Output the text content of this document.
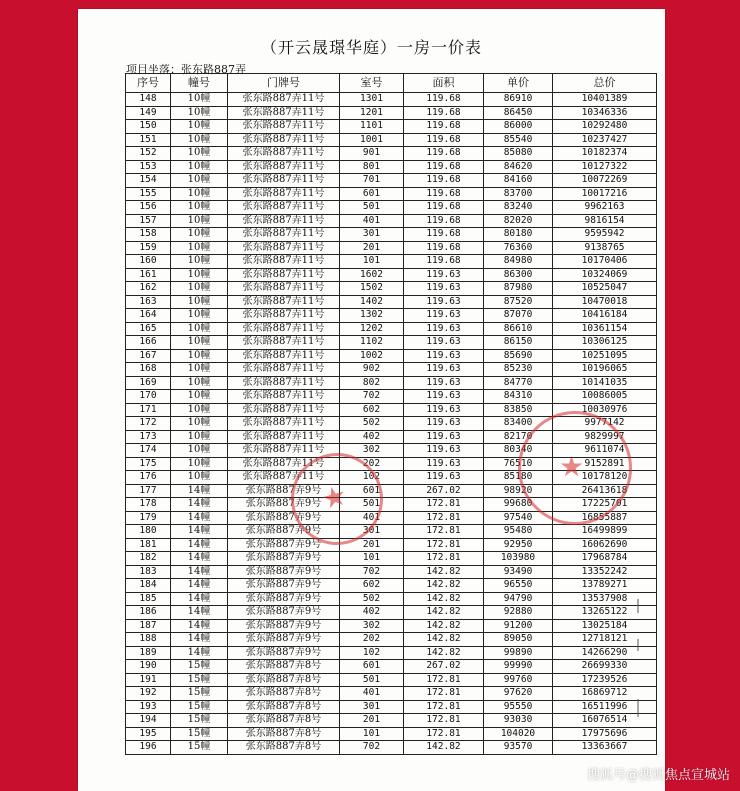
（开云晟璟华庭）一房一价表
项目坐落：张东路887弄
序号	幢号	门牌号	室号	面积	单价	总价
148	10幢	张东路887弄11号	1301	119.68	86910	10401389
149	10幢	张东路887弄11号	1201	119.68	86450	10346336
150	10幢	张东路887弄11号	1101	119.68	86000	10292480
151	10幢	张东路887弄11号	1001	119.68	85540	10237427
152	10幢	张东路887弄11号	901	119.68	85080	10182374
153	10幢	张东路887弄11号	801	119.68	84620	10127322
154	10幢	张东路887弄11号	701	119.68	84160	10072269
155	10幢	张东路887弄11号	601	119.68	83700	10017216
156	10幢	张东路887弄11号	501	119.68	83240	9962163
157	10幢	张东路887弄11号	401	119.68	82020	9816154
158	10幢	张东路887弄11号	301	119.68	80180	9595942
159	10幢	张东路887弄11号	201	119.68	76360	9138765
160	10幢	张东路887弄11号	101	119.68	84980	10170406
161	10幢	张东路887弄11号	1602	119.63	86300	10324069
162	10幢	张东路887弄11号	1502	119.63	87980	10525047
163	10幢	张东路887弄11号	1402	119.63	87520	10470018
164	10幢	张东路887弄11号	1302	119.63	87070	10416184
165	10幢	张东路887弄11号	1202	119.63	86610	10361154
166	10幢	张东路887弄11号	1102	119.63	86150	10306125
167	10幢	张东路887弄11号	1002	119.63	85690	10251095
168	10幢	张东路887弄11号	902	119.63	85230	10196065
169	10幢	张东路887弄11号	802	119.63	84770	10141035
170	10幢	张东路887弄11号	702	119.63	84310	10086005
171	10幢	张东路887弄11号	602	119.63	83850	10030976
172	10幢	张东路887弄11号	502	119.63	83400	9977142
173	10幢	张东路887弄11号	402	119.63	82170	9829997
174	10幢	张东路887弄11号	302	119.63	80340	9611074
175	10幢	张东路887弄11号	202	119.63	76510	9152891
176	10幢	张东路887弄11号	102	119.63	85180	10178120
177	14幢	张东路887弄9号	601	267.02	98920	26413618
178	14幢	张东路887弄9号	501	172.81	99680	17225701
179	14幢	张东路887弄9号	401	172.81	97540	16855887
180	14幢	张东路887弄9号	301	172.81	95480	16499899
181	14幢	张东路887弄9号	201	172.81	92950	16062690
182	14幢	张东路887弄9号	101	172.81	103980	17968784
183	14幢	张东路887弄9号	702	142.82	93490	13352242
184	14幢	张东路887弄9号	602	142.82	96550	13789271
185	14幢	张东路887弄9号	502	142.82	94790	13537908
186	14幢	张东路887弄9号	402	142.82	92880	13265122
187	14幢	张东路887弄9号	302	142.82	91200	13025184
188	14幢	张东路887弄9号	202	142.82	89050	12718121
189	14幢	张东路887弄9号	102	142.82	99890	14266290
190	15幢	张东路887弄8号	601	267.02	99990	26699330
191	15幢	张东路887弄8号	501	172.81	99760	17239526
192	15幢	张东路887弄8号	401	172.81	97620	16869712
193	15幢	张东路887弄8号	301	172.81	95550	16511996
194	15幢	张东路887弄8号	201	172.81	93030	16076514
195	15幢	张东路887弄8号	101	172.81	104020	17975696
196	15幢	张东路887弄8号	702	142.82	93570	13363667
★
★
搜狐号@搜狐焦点宣城站
